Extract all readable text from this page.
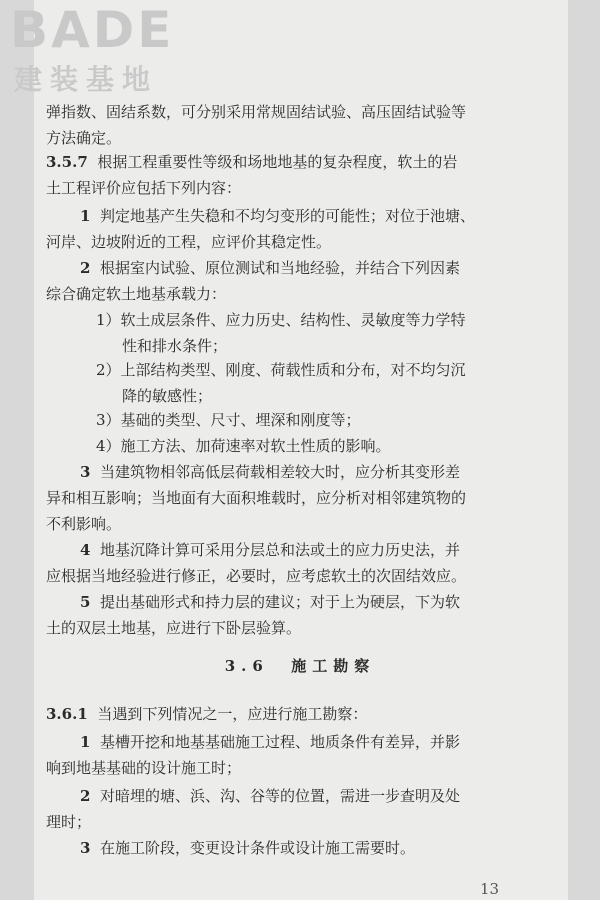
BADE
建装基地
弹指数、固结系数，可分别采用常规固结试验、高压固结试验等
方法确定。
3.5.7 根据工程重要性等级和场地地基的复杂程度，软土的岩
土工程评价应包括下列内容：
1 判定地基产生失稳和不均匀变形的可能性；对位于池塘、
河岸、边坡附近的工程，应评价其稳定性。
2 根据室内试验、原位测试和当地经验，并结合下列因素
综合确定软土地基承载力：
1）软土成层条件、应力历史、结构性、灵敏度等力学特
性和排水条件；
2）上部结构类型、刚度、荷载性质和分布，对不均匀沉
降的敏感性；
3）基础的类型、尺寸、埋深和刚度等；
4）施工方法、加荷速率对软土性质的影响。
3 当建筑物相邻高低层荷载相差较大时，应分析其变形差
异和相互影响；当地面有大面积堆载时，应分析对相邻建筑物的
不利影响。
4 地基沉降计算可采用分层总和法或土的应力历史法，并
应根据当地经验进行修正，必要时，应考虑软土的次固结效应。
5 提出基础形式和持力层的建议；对于上为硬层，下为软
土的双层土地基，应进行下卧层验算。
3.6 施工勘察
3.6.1 当遇到下列情况之一，应进行施工勘察：
1 基槽开挖和地基基础施工过程、地质条件有差异，并影
响到地基基础的设计施工时；
2 对暗埋的塘、浜、沟、谷等的位置，需进一步查明及处
理时；
3 在施工阶段，变更设计条件或设计施工需要时。
13
